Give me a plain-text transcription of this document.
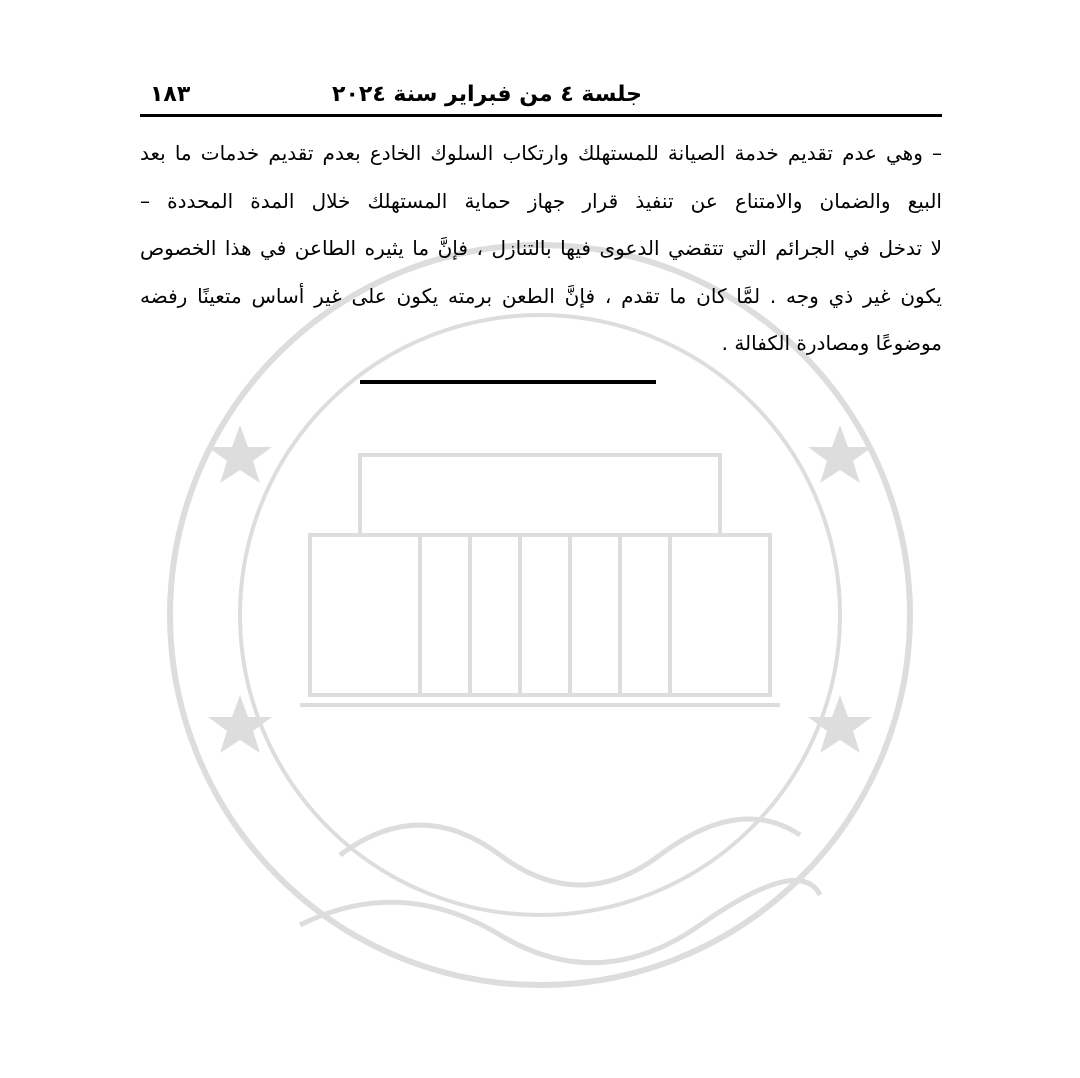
جلسة ٤ من فبراير سنة ٢٠٢٤
١٨٣
– وهي عدم تقديم خدمة الصيانة للمستهلك وارتكاب السلوك الخادع بعدم تقديم خدمات ما بعد
البيع والضمان والامتناع عن تنفيذ قرار جهاز حماية المستهلك خلال المدة المحددة –
لا تدخل في الجرائم التي تتقضي الدعوى فيها بالتنازل ، فإنَّ ما يثيره الطاعن في هذا الخصوص
يكون غير ذي وجه . لمَّا كان ما تقدم ، فإنَّ الطعن برمته يكون على غير أساس متعينًا رفضه
موضوعًا ومصادرة الكفالة .
